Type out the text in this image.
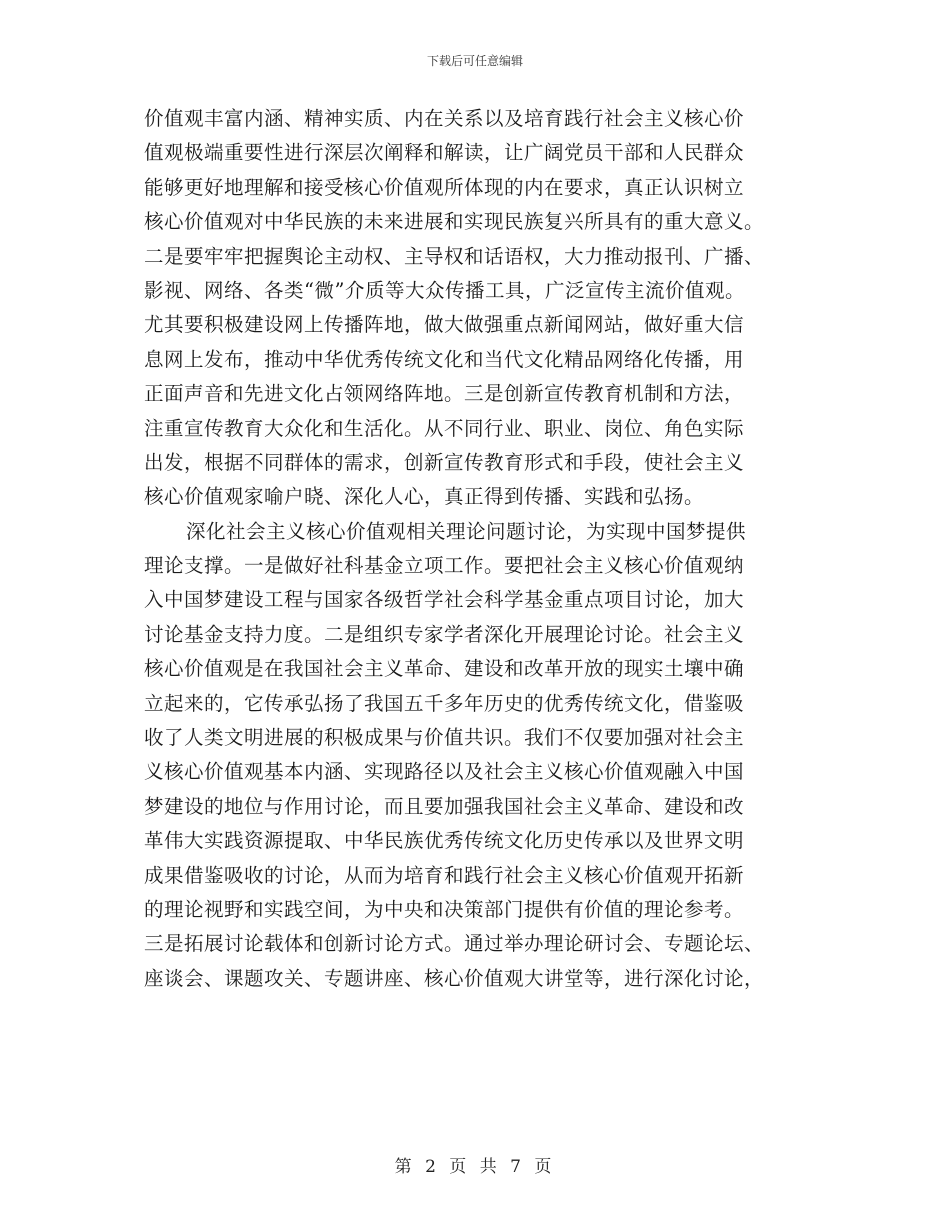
下载后可任意编辑
价值观丰富内涵、精神实质、内在关系以及培育践行社会主义核心价
值观极端重要性进行深层次阐释和解读，让广阔党员干部和人民群众
能够更好地理解和接受核心价值观所体现的内在要求，真正认识树立
核心价值观对中华民族的未来进展和实现民族复兴所具有的重大意义。
二是要牢牢把握舆论主动权、主导权和话语权，大力推动报刊、广播、
影视、网络、各类“微”介质等大众传播工具，广泛宣传主流价值观。
尤其要积极建设网上传播阵地，做大做强重点新闻网站，做好重大信
息网上发布，推动中华优秀传统文化和当代文化精品网络化传播，用
正面声音和先进文化占领网络阵地。三是创新宣传教育机制和方法，
注重宣传教育大众化和生活化。从不同行业、职业、岗位、角色实际
出发，根据不同群体的需求，创新宣传教育形式和手段，使社会主义
核心价值观家喻户晓、深化人心，真正得到传播、实践和弘扬。
深化社会主义核心价值观相关理论问题讨论，为实现中国梦提供
理论支撑。一是做好社科基金立项工作。要把社会主义核心价值观纳
入中国梦建设工程与国家各级哲学社会科学基金重点项目讨论，加大
讨论基金支持力度。二是组织专家学者深化开展理论讨论。社会主义
核心价值观是在我国社会主义革命、建设和改革开放的现实土壤中确
立起来的，它传承弘扬了我国五千多年历史的优秀传统文化，借鉴吸
收了人类文明进展的积极成果与价值共识。我们不仅要加强对社会主
义核心价值观基本内涵、实现路径以及社会主义核心价值观融入中国
梦建设的地位与作用讨论，而且要加强我国社会主义革命、建设和改
革伟大实践资源提取、中华民族优秀传统文化历史传承以及世界文明
成果借鉴吸收的讨论，从而为培育和践行社会主义核心价值观开拓新
的理论视野和实践空间，为中央和决策部门提供有价值的理论参考。
三是拓展讨论载体和创新讨论方式。通过举办理论研讨会、专题论坛、
座谈会、课题攻关、专题讲座、核心价值观大讲堂等，进行深化讨论，
第 2 页 共 7 页
